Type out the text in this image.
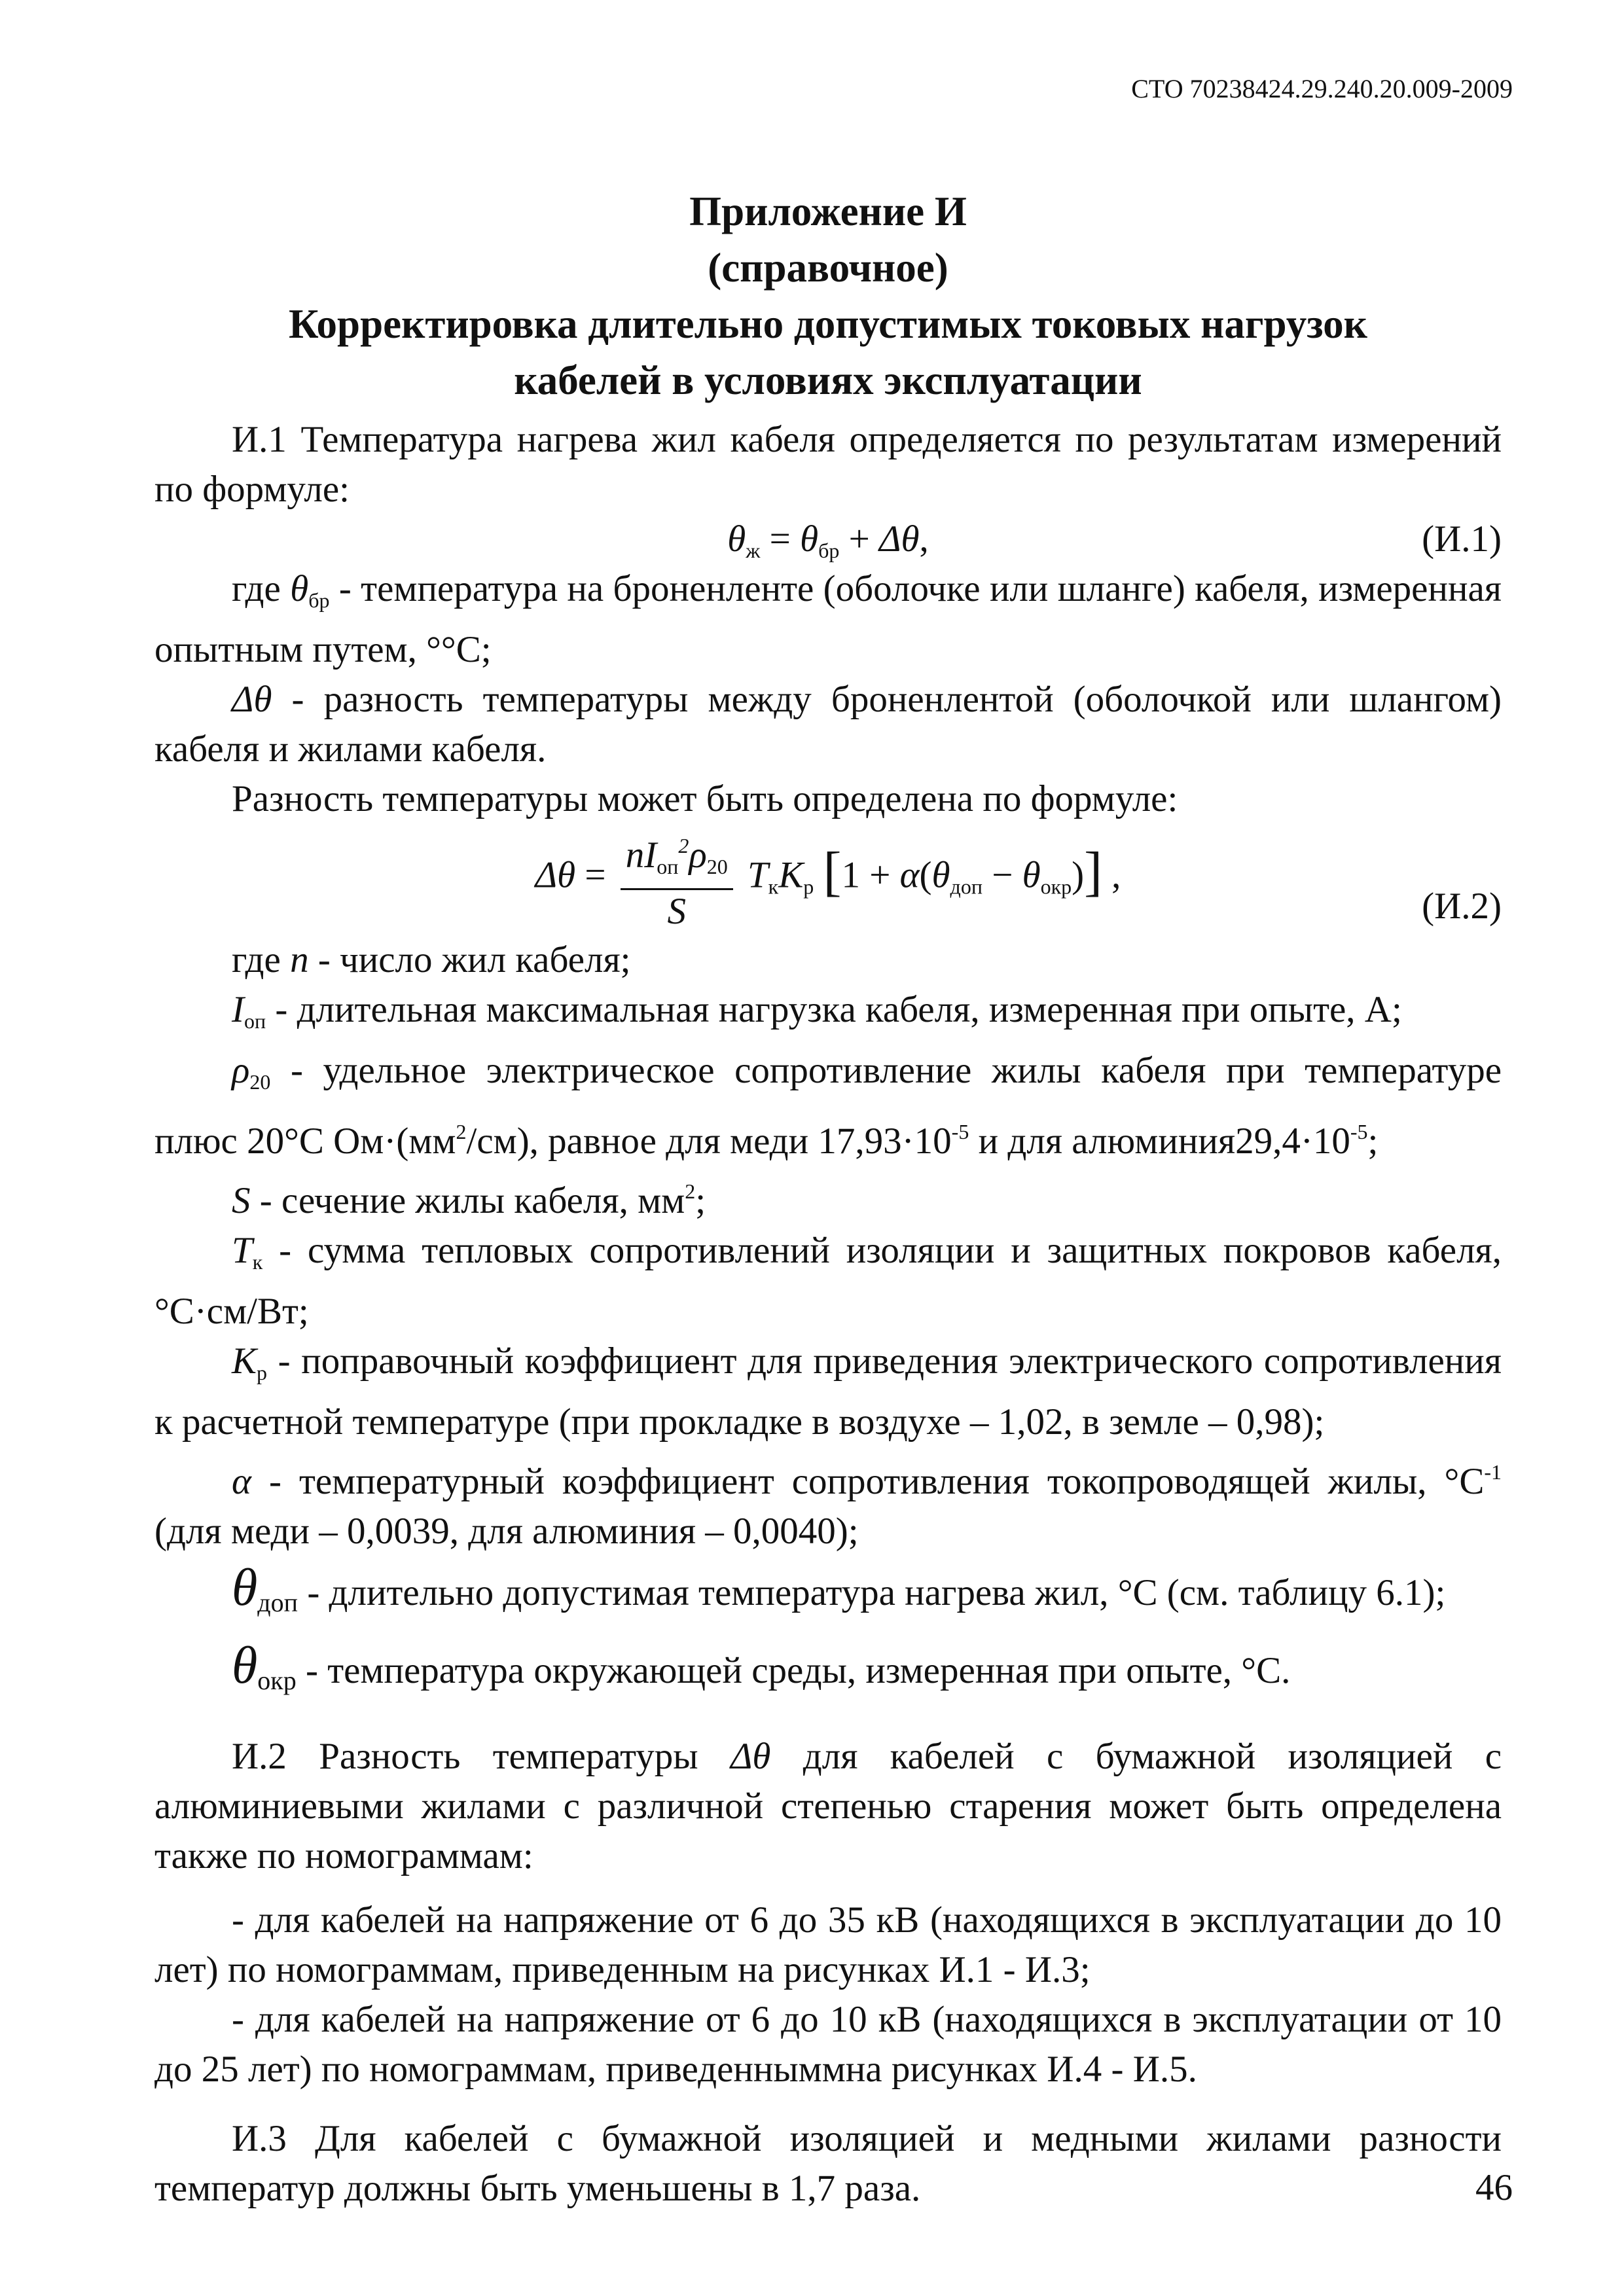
СТО 70238424.29.240.20.009-2009
Приложение И
(справочное)
Корректировка длительно допустимых токовых нагрузок
кабелей в условиях эксплуатации

И.1 Температура нагрева жил кабеля определяется по результатам измерений по формуле:

$\theta_ж = \theta_{бр} + \Delta\theta$,	(И.1)

где $\theta_{бр}$ - температура на броненленте (оболочке или шланге) кабеля, измеренная опытным путем, °°С;

Δθ - разность температуры между броненлентой (оболочкой или шлангом) кабеля и жилами кабеля.

Разность температуры может быть определена по формуле:

$\Delta\theta = \frac{nI_{оп}^2\rho_{20}}{S} T_кK_р$ $[1 + \alpha(\theta_{доп} - \theta_{окр})]$ ,
(И.2)

где n - число жил кабеля;

$I_{оп}$ - длительная максимальная нагрузка кабеля, измеренная при опыте, А;

$\rho_{20}$ - удельное электрическое сопротивление жилы кабеля при температуре плюс 20°С $Ом\cdot(мм^2/см)$, равное для меди $17,93\cdot 10^{-5}$ и для $алюминия29,4\cdot 10^{-5}$;

S - сечение жилы кабеля, $мм^2$;

$T_к$ - сумма тепловых сопротивлений изоляции и защитных покровов кабеля, °С·см/Вт;

$K_р$ - поправочный коэффициент для приведения электрического сопротивления к расчетной температуре (при прокладке в воздухе – 1,02, в земле – 0,98);

α - температурный коэффициент сопротивления токопроводящей жилы, $^\circ С^{-1}$ (для меди – 0,0039, для алюминия – 0,0040);

$\theta_{доп}$ - длительно допустимая температура нагрева жил, °С (см. таблицу 6.1);

$\theta_{окр}$ - температура окружающей среды, измеренная при опыте, °С.

И.2 Разность температуры Δθ для кабелей с бумажной изоляцией с алюминиевыми жилами с различной степенью старения может быть определена также по номограммам:

- для кабелей на напряжение от 6 до 35 кВ (находящихся в эксплуатации до 10 лет) по номограммам, приведенным на рисунках И.1 - И.3;

- для кабелей на напряжение от 6 до 10 кВ (находящихся в эксплуатации от 10 до 25 лет) по номограммам, приведенныммна рисунках И.4 - И.5.

И.3 Для кабелей с бумажной изоляцией и медными жилами разности температур должны быть уменьшены в 1,7 раза.	46
